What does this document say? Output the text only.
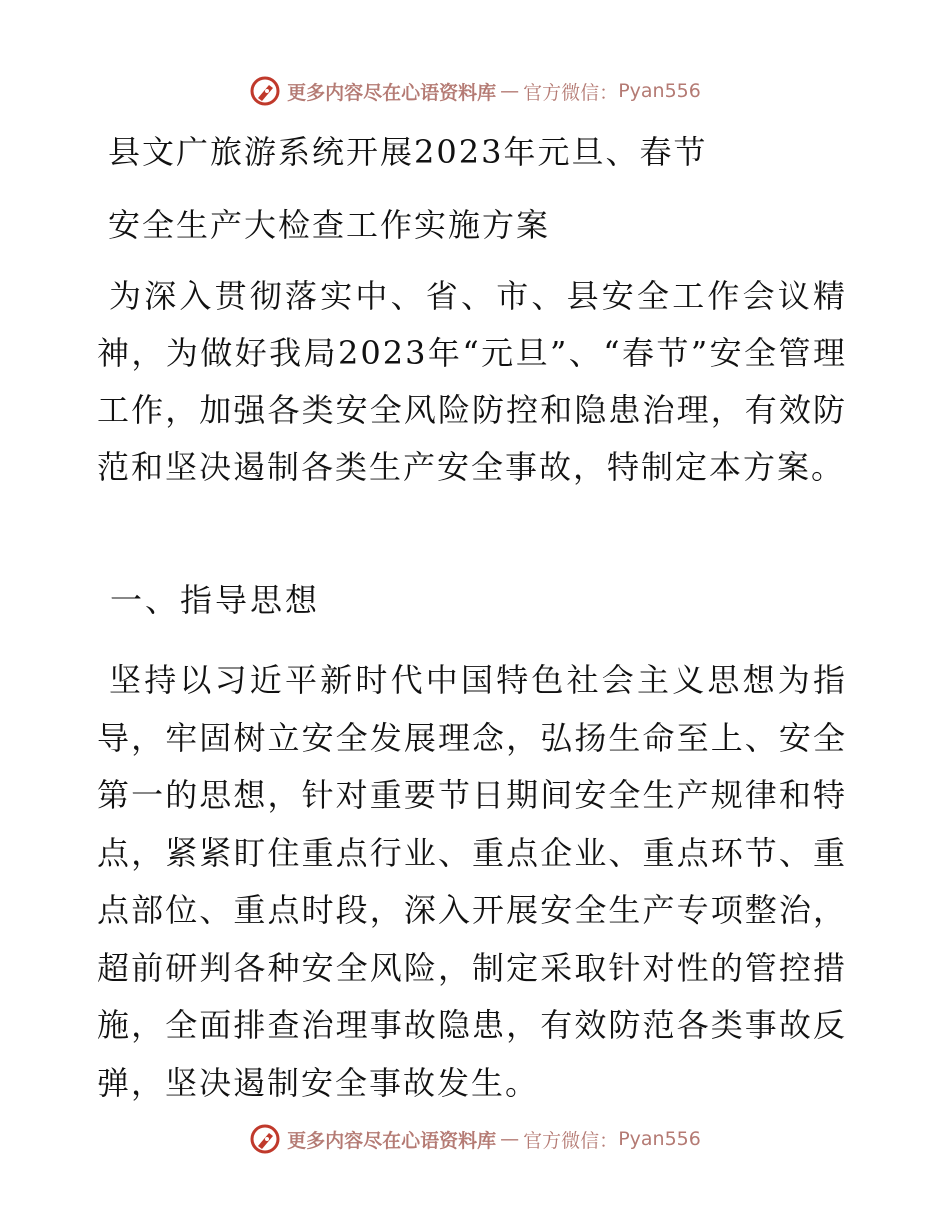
更多内容尽在心语资料库 — 官方微信： Pyan556
县文广旅游系统开展2023年元旦、春节
安全生产大检查工作实施方案

为深入贯彻落实中、省、市、县安全工作会议精神，为做好我局2023年“元旦”、“春节”安全管理工作，加强各类安全风险防控和隐患治理，有效防范和坚决遏制各类生产安全事故，特制定本方案。

一、指导思想

坚持以习近平新时代中国特色社会主义思想为指导，牢固树立安全发展理念，弘扬生命至上、安全第一的思想，针对重要节日期间安全生产规律和特点，紧紧盯住重点行业、重点企业、重点环节、重点部位、重点时段，深入开展安全生产专项整治，超前研判各种安全风险，制定采取针对性的管控措施，全面排查治理事故隐患，有效防范各类事故反弹，坚决遏制安全事故发生。

更多内容尽在心语资料库 — 官方微信： Pyan556
